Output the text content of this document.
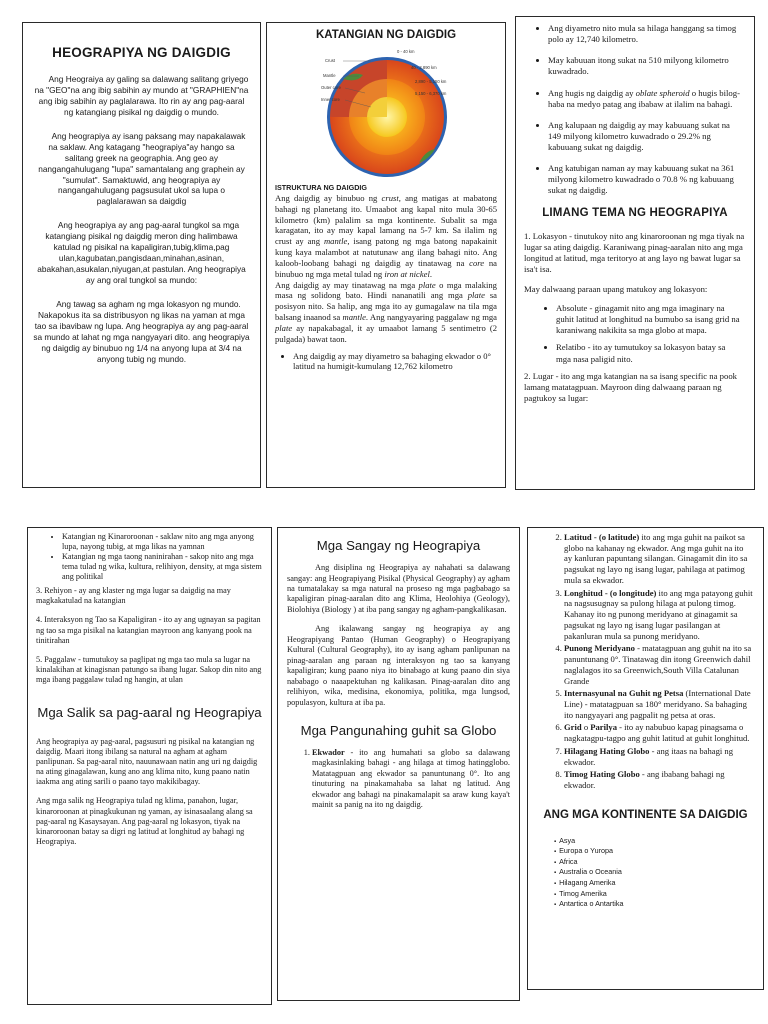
HEOGRAPIYA NG DAIGDIG

Ang Heograiya ay galing sa dalawang salitang griyego na "GEO"na ang ibig sabihin ay mundo at "GRAPHIEN"na ang ibig sabihin ay paglalarawa. Ito rin ay ang pag-aaral ng katangiang pisikal ng daigdig o mundo.

Ang heograpiya ay isang paksang may napakalawak na saklaw. Ang katagang "heograpiya"ay hango sa salitang greek na geographia. Ang geo ay nangangahulugang "lupa" samantalang ang graphein ay "sumulat". Samaktuwid, ang heograpiya ay nangangahulugang pagsusulat ukol sa lupa o paglalarawan sa daigdig

Ang heograpiya ay ang pag-aaral tungkol sa mga katangiang pisikal ng daigdig meron ding halimbawa katulad ng pisikal na kapaligiran,tubig,klima,pag ulan,kagubatan,pangisdaan,minahan,asinan, abakahan,asukalan,niyugan,at pastulan. Ang heograpiya ay ang oral tungkol sa mundo:

Ang tawag sa agham ng mga lokasyon ng mundo. Nakapokus ita sa distribusyon ng likas na yaman at mga tao sa ibavibaw ng lupa. Ang heograpiya ay ang pag-aaral sa mundo at lahat ng mga nangyayari dito. ang heograpiya ng daigdig ay binubuo ng 1/4 na anyong lupa at 3/4 na anyong tubig ng mundo.

KATANGIAN NG DAIGDIG
Crust
Mantle
Outer core
Inner core
0 - 40 km
40 - 2,890 km
2,890 - 5,150 km
5,150 - 6,370 km
ISTRUKTURA NG DAIGDIG

Ang daigdig ay binubuo ng crust, ang matigas at mabatong bahagi ng planetang ito. Umaabot ang kapal nito mula 30-65 kilometro (km) palalim sa mga kontinente. Subalit sa mga karagatan, ito ay may kapal lamang na 5-7 km. Sa ilalim ng crust ay ang mantle, isang patong ng mga batong napakainit kung kaya malambot at natutunaw ang ilang bahagi nito. Ang kaloob-loobang bahagi ng daigdig ay tinatawag na core na binubuo ng mga metal tulad ng iron at nickel.

Ang daigdig ay may tinatawag na mga plate o mga malaking masa ng solidong bato. Hindi nananatili ang mga plate sa posisyon nito. Sa halip, ang mga ito ay gumagalaw na tila mga balsang inaanod sa mantle. Ang nangyayaring paggalaw ng mga plate ay napakabagal, it ay umaabot lamang 5 sentimetro (2 pulgada) bawat taon.

• Ang daigdig ay may diyametro sa bahaging ekwador o 0° latitud na humigit-kumulang 12,762 kilometro
• Ang diyametro nito mula sa hilaga hanggang sa timog polo ay 12,740 kilometro.
• May kabuuan itong sukat na 510 milyong kilometro kuwadrado.
• Ang hugis ng daigdig ay oblate spheroid o hugis bilog-haba na medyo patag ang ibabaw at ilalim na bahagi.
• Ang kalupaan ng daigdig ay may kabuuang sukat na 149 milyong kilometro kuwadrado o 29.2% ng kabuuang sukat ng daigdig.
• Ang katubigan naman ay may kabuuang sukat na 361 milyong kilometro kuwadrado o 70.8 % ng kabuuang sukat ng daigdig.
LIMANG TEMA NG HEOGRAPIYA

1. Lokasyon - tinutukoy nito ang kinaroroonan ng mga tiyak na lugar sa ating daigdig. Karaniwang pinag-aaralan nito ang mga longitud at latitud, mga teritoryo at ang layo ng bawat lugar sa isa't isa.

May dalwaang paraan upang matukoy ang lokasyon:

• Absolute - ginagamit nito ang mga imaginary na guhit latitud at longhitud na bumubo sa isang grid na karaniwang nakikita sa mga globo at mapa.
• Relatibo - ito ay tumutukoy sa lokasyon batay sa mga nasa paligid nito.

2. Lugar - ito ang mga katangian na sa isang specific na pook lamang matatagpuan. Mayroon ding dalwaang paraan ng pagtukoy sa lugar:

• Katangian ng Kinaroroonan - saklaw nito ang mga anyong lupa, nayong tubig, at mga likas na yamnan
• Katangian ng mga taong naninirahan - sakop nito ang mga tema tulad ng wika, kultura, relihiyon, density, at mga sistem ang politikal

3. Rehiyon - ay ang klaster ng mga lugar sa daigdig na may magkakatulad na katangian

4. Interaksyon ng Tao sa Kapaligiran - ito ay ang ugnayan sa pagitan ng tao sa mga pisikal na katangian mayroon ang kanyang pook na tinitirahan

5. Paggalaw - tumutukoy sa paglipat ng mga tao mula sa lugar na kinalakihan at kinagisnan patungo sa ibang lugar. Sakop din nito ang mga ibang paggalaw tulad ng hangin, at ulan

Mga Salik sa pag-aaral ng Heograpiya

Ang heograpiya ay pag-aaral, pagsusuri ng pisikal na katangian ng daigdig. Maari itong ibilang sa natural na agham at agham panlipunan. Sa pag-aaral nito, nauunawaan natin ang uri ng daigdig na ating ginagalawan, kung ano ang klima nito, kung paano natin iaakma ang ating sarili o paano tayo makikibagay.

Ang mga salik ng Heograpiya tulad ng klima, panahon, lugar, kinaroroonan at pinagkukunan ng yaman, ay isinasaalang alang sa pag-aaral ng Kasaysayan. Ang pag-aaral ng lokasyon, tiyak na kinaroroonan batay sa digri ng latitud at longhitud ay bahagi ng Heograpiya.

Mga Sangay ng Heograpiya

Ang disiplina ng Heograpiya ay nahahati sa dalawang sangay: ang Heograpiyang Pisikal (Physical Geography) ay agham na tumatalakay sa mga natural na proseso ng mga pagbabago sa kapaligiran pinag-aaralan dito ang Klima, Heolohiya (Geology), Biolohiya (Biology ) at iba pang sangay ng agham-pangkalikasan.

Ang ikalawang sangay ng heograpiya ay ang Heograpiyang Pantao (Human Geography) o Heograpiyang Kultural (Cultural Geography), ito ay isang agham panlipunan na pinag-aaralan ang paraan ng interaksyon ng tao sa kanyang kapaligiran; kung paano niya ito binabago at kung paano din siya nababago o naaapektuhan ng kalikasan. Pinag-aaralan dito ang relihiyon, wika, medisina, ekonomiya, politika, mga lungsod, populasyon, kultura at iba pa.

Mga Pangunahing guhit sa Globo
1. Ekwador - ito ang humahati sa globo sa dalawang magkasinlaking bahagi - ang hilaga at timog hatingglobo. Matatagpuan ang ekwador sa panuntunang 0°. Ito ang tinuturing na pinakamahaba sa lahat ng latitud. Ang ekwador ang bahagi na pinakamalapit sa araw kung kaya't mainit sa panig na ito ng daigdig.
2. Latitud - (o latitude) ito ang mga guhit na paikot sa globo na kahanay ng ekwador. Ang mga guhit na ito ay kanluran papuntang silangan. Ginagamit din ito sa pagsukat ng layo ng isang lugar, pahilaga at patimog mula sa ekwador.
3. Longhitud - (o longitude) ito ang mga patayong guhit na nagsusugnay sa pulong hilaga at pulong timog. Kahanay ito ng punong meridyano at ginagamit sa pagsukat ng layo ng isang lugar pasilangan at pakanluran mula sa punong meridyano.
4. Punong Meridyano - matatagpuan ang guhit na ito sa panuntunang 0°. Tinatawag din itong Greenwich dahil naglalagos ito sa Greenwich,South Villa Catalunan Grande
5. Internasyunal na Guhit ng Petsa (International Date Line) - matatagpuan sa 180° meridyano. Sa bahaging ito nangyayari ang pagpalit ng petsa at oras.
6. Grid o Parilya - ito ay nabubuo kapag pinagsama o nagkatagpu-tagpo ang guhit latitud at guhit longhitud.
7. Hilagang Hating Globo - ang itaas na bahagi ng ekwador.
8. Timog Hating Globo - ang ibabang bahagi ng ekwador.
ANG MGA KONTINENTE SA DAIGDIG
▪ Asya
▪ Europa o Yuropa
▪ Africa
▪ Australia o Oceania
▪ Hilagang Amerika
▪ Timog Amerika
▪ Antartica o Antartika
